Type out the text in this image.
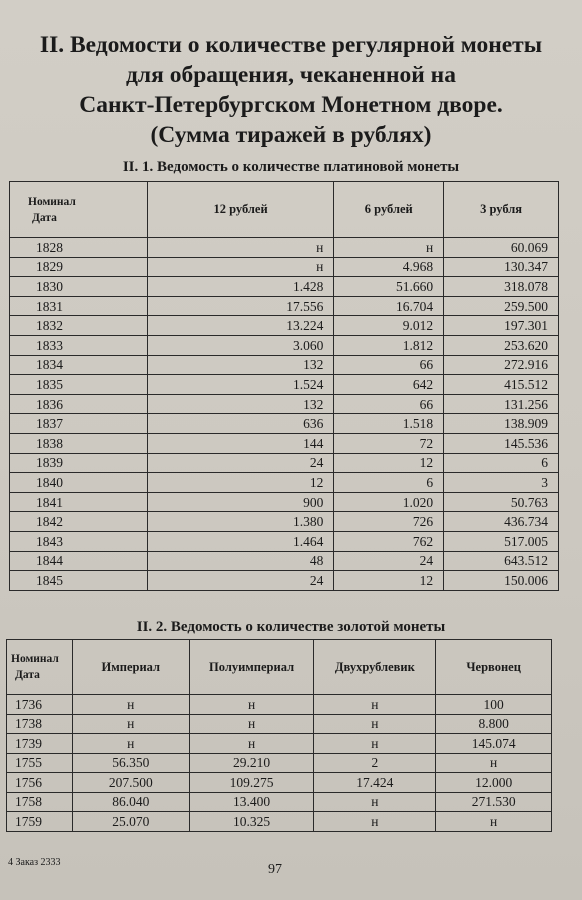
II. Ведомости о количестве регулярной монеты
для обращения, чеканенной на
Санкт-Петербургском Монетном дворе.
(Сумма тиражей в рублях)
II. 1. Ведомость о количестве платиновой монеты
Номинал
Дата	12 рублей	6 рублей	3 рубля
1828	н	н	60.069
1829	н	4.968	130.347
1830	1.428	51.660	318.078
1831	17.556	16.704	259.500
1832	13.224	9.012	197.301
1833	3.060	1.812	253.620
1834	132	66	272.916
1835	1.524	642	415.512
1836	132	66	131.256
1837	636	1.518	138.909
1838	144	72	145.536
1839	24	12	6
1840	12	6	3
1841	900	1.020	50.763
1842	1.380	726	436.734
1843	1.464	762	517.005
1844	48	24	643.512
1845	24	12	150.006
II. 2. Ведомость о количестве золотой монеты
Номинал
Дата	Империал	Полуимпериал	Двухрублевик	Червонец
1736	н	н	н	100
1738	н	н	н	8.800
1739	н	н	н	145.074
1755	56.350	29.210	2	н
1756	207.500	109.275	17.424	12.000
1758	86.040	13.400	н	271.530
1759	25.070	10.325	н	н
4 Заказ 2333	97
